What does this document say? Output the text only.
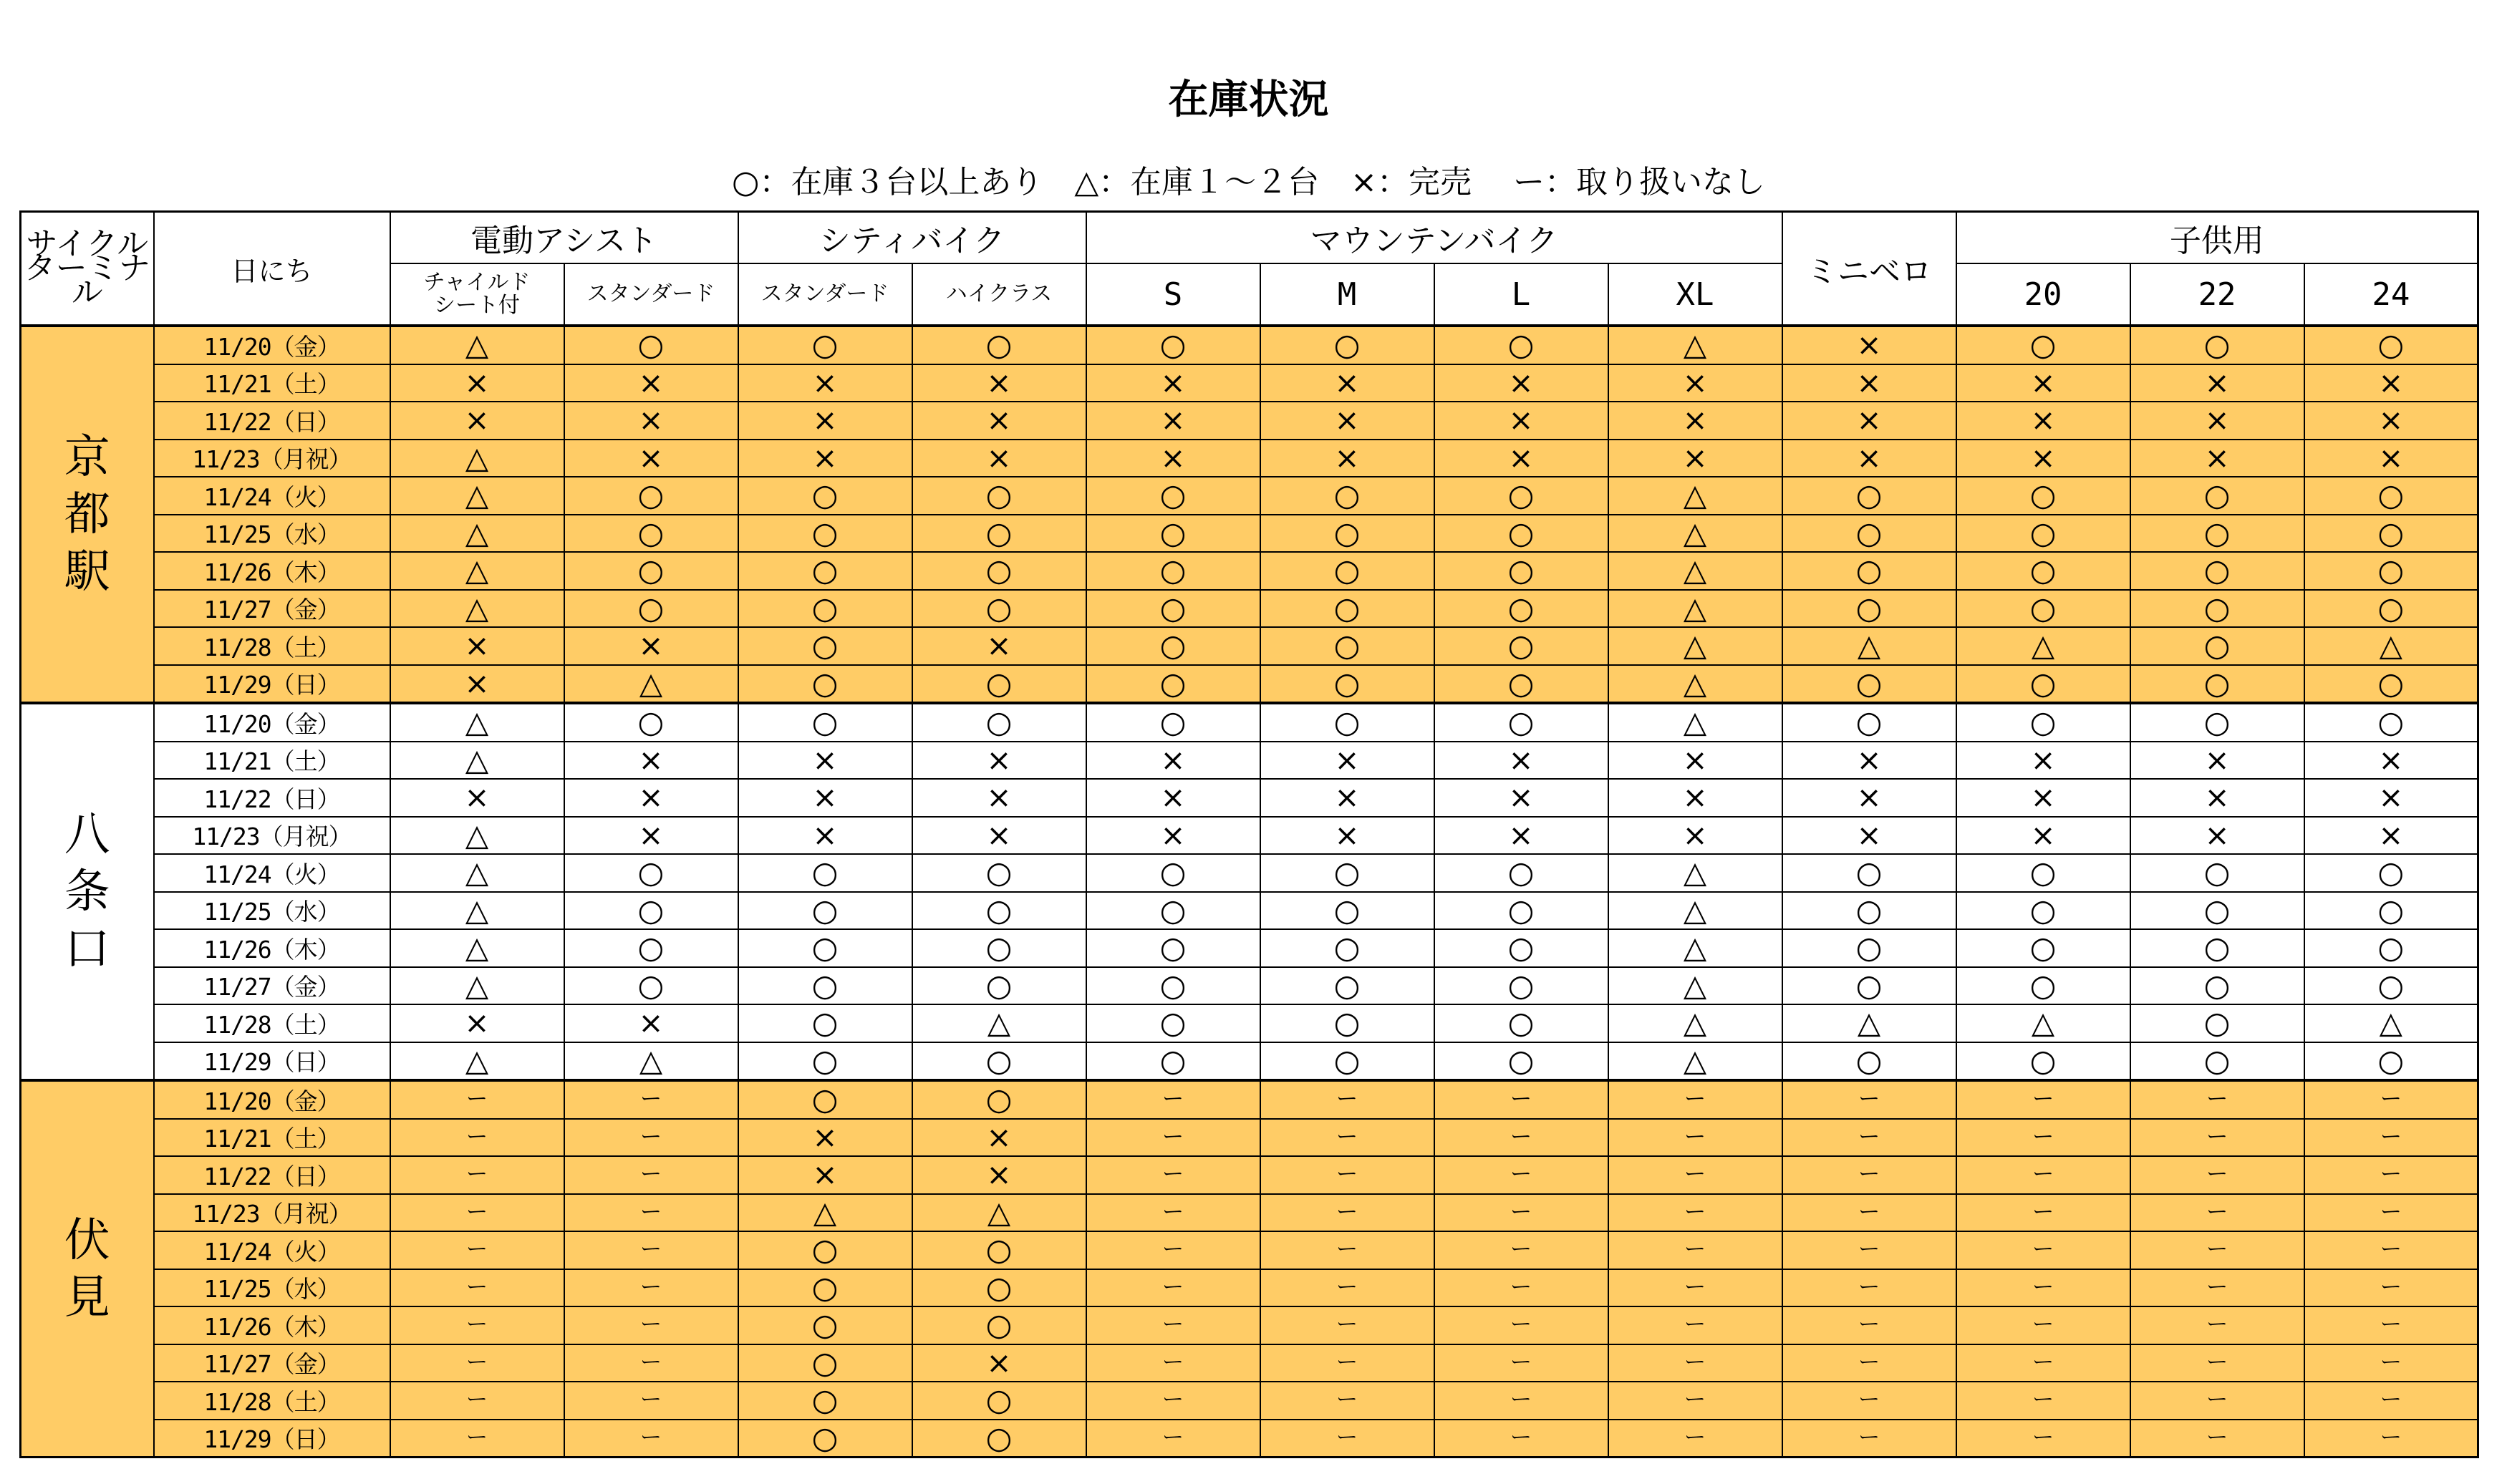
在庫状況
○：在庫３台以上あり　△：在庫１～２台　×：完売　 ー：取り扱いなし
サイクル
ターミナル	日にち	電動アシスト		シティバイク		マウンテンバイク				ミニベロ	子供用		
		チャイルド
シート付	スタンダード	スタンダード	ハイクラス	S	M	L	XL		20	22	24
京都駅	11/20（金）	△	○	○	○	○	○	○	△	×	○	○	○
	11/21（土）	×	×	×	×	×	×	×	×	×	×	×	×
	11/22（日）	×	×	×	×	×	×	×	×	×	×	×	×
	11/23（月祝）	△	×	×	×	×	×	×	×	×	×	×	×
	11/24（火）	△	○	○	○	○	○	○	△	○	○	○	○
	11/25（水）	△	○	○	○	○	○	○	△	○	○	○	○
	11/26（木）	△	○	○	○	○	○	○	△	○	○	○	○
	11/27（金）	△	○	○	○	○	○	○	△	○	○	○	○
	11/28（土）	×	×	○	×	○	○	○	△	△	△	○	△
	11/29（日）	×	△	○	○	○	○	○	△	○	○	○	○
八条口	11/20（金）	△	○	○	○	○	○	○	△	○	○	○	○
	11/21（土）	△	×	×	×	×	×	×	×	×	×	×	×
	11/22（日）	×	×	×	×	×	×	×	×	×	×	×	×
	11/23（月祝）	△	×	×	×	×	×	×	×	×	×	×	×
	11/24（火）	△	○	○	○	○	○	○	△	○	○	○	○
	11/25（水）	△	○	○	○	○	○	○	△	○	○	○	○
	11/26（木）	△	○	○	○	○	○	○	△	○	○	○	○
	11/27（金）	△	○	○	○	○	○	○	△	○	○	○	○
	11/28（土）	×	×	○	△	○	○	○	△	△	△	○	△
	11/29（日）	△	△	○	○	○	○	○	△	○	○	○	○
伏見	11/20（金）	ー	ー	○	○	ー	ー	ー	ー	ー	ー	ー	ー
	11/21（土）	ー	ー	×	×	ー	ー	ー	ー	ー	ー	ー	ー
	11/22（日）	ー	ー	×	×	ー	ー	ー	ー	ー	ー	ー	ー
	11/23（月祝）	ー	ー	△	△	ー	ー	ー	ー	ー	ー	ー	ー
	11/24（火）	ー	ー	○	○	ー	ー	ー	ー	ー	ー	ー	ー
	11/25（水）	ー	ー	○	○	ー	ー	ー	ー	ー	ー	ー	ー
	11/26（木）	ー	ー	○	○	ー	ー	ー	ー	ー	ー	ー	ー
	11/27（金）	ー	ー	○	×	ー	ー	ー	ー	ー	ー	ー	ー
	11/28（土）	ー	ー	○	○	ー	ー	ー	ー	ー	ー	ー	ー
	11/29（日）	ー	ー	○	○	ー	ー	ー	ー	ー	ー	ー	ー
